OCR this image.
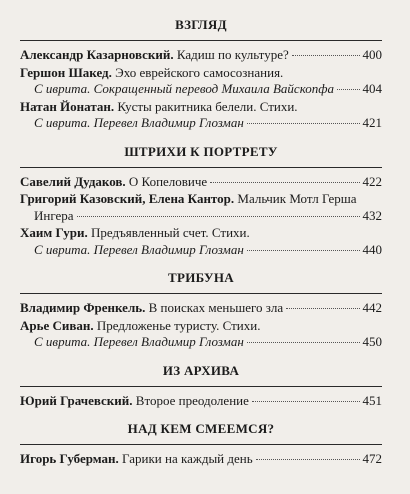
ВЗГЛЯД
Александр Казарновский. Кадиш по культуре?	400
Гершон Шакед. Эхо еврейского самосознания.
С иврита. Сокращенный перевод Михаила Вайскопфа 404
Натан Йонатан. Кусты ракитника белели. Стихи.
С иврита. Перевел Владимир Глозман	421
ШТРИХИ К ПОРТРЕТУ
Савелий Дудаков. О Копеловиче	422
Григорий Казовский, Елена Кантор. Мальчик Мотл Герша
Ингера	432
Хаим Гури. Предъявленный счет. Стихи.
С иврита. Перевел Владимир Глозман	440
ТРИБУНА
Владимир Френкель. В поисках меньшего зла	442
Арье Сиван. Предложенье туристу. Стихи.
С иврита. Перевел Владимир Глозман	450
ИЗ АРХИВА
Юрий Грачевский. Второе преодоление	451
НАД КЕМ СМЕЕМСЯ?
Игорь Губерман. Гарики на каждый день	472
